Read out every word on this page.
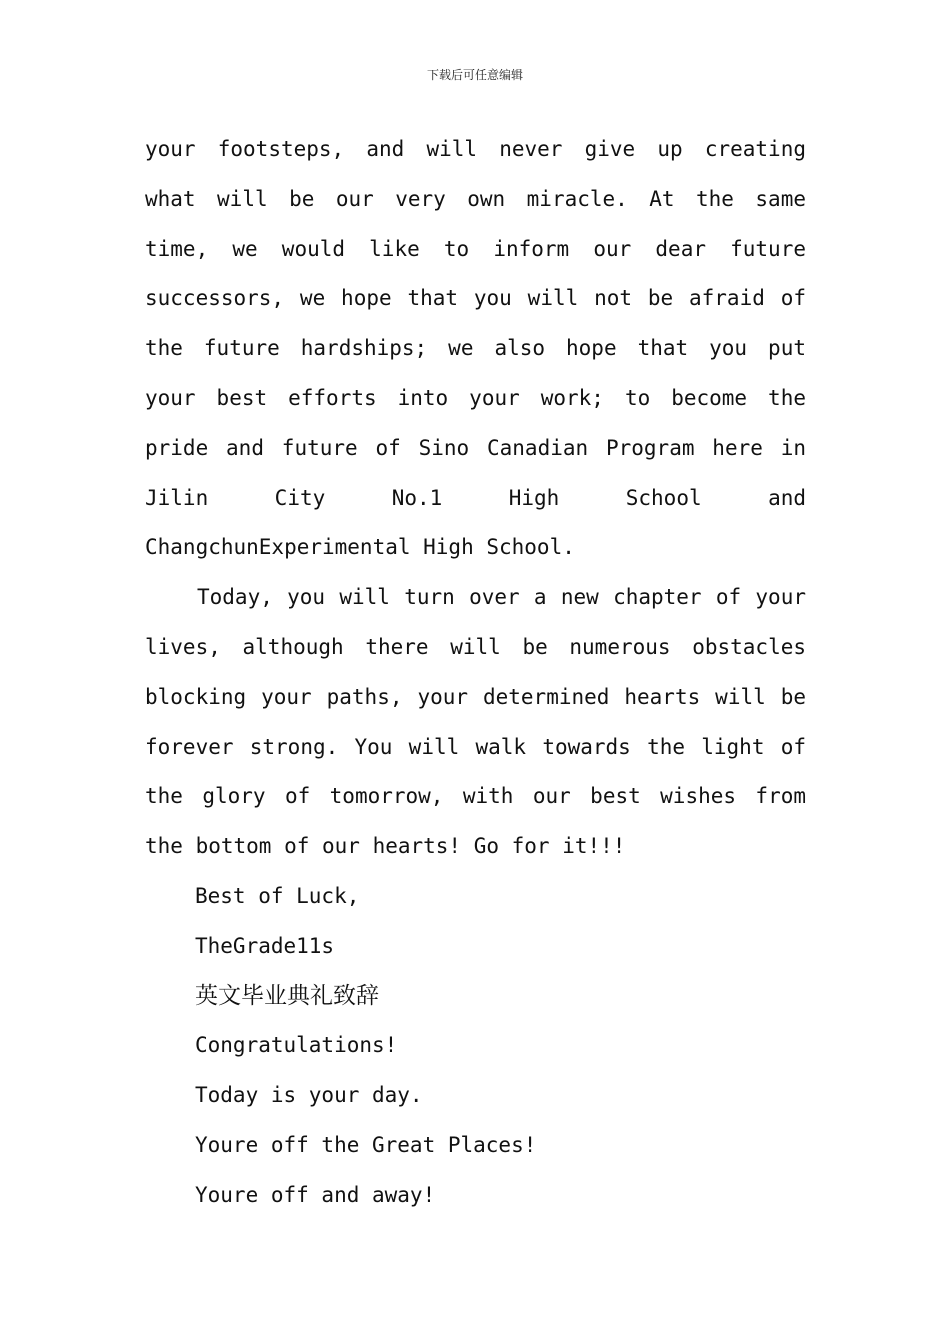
下载后可任意编辑
your footsteps, and will never give up creating
what will be our very own miracle. At the same
time, we would like to inform our dear future
successors, we hope that you will not be afraid of
the future hardships; we also hope that you put
your best efforts into your work; to become the
pride and future of Sino Canadian Program here in
Jilin City No.1 High School and
ChangchunExperimental High School.
Today, you will turn over a new chapter of your
lives, although there will be numerous obstacles
blocking your paths, your determined hearts will be
forever strong. You will walk towards the light of
the glory of tomorrow, with our best wishes from
the bottom of our hearts! Go for it!!!
Best of Luck,
TheGrade11s
英文毕业典礼致辞
Congratulations!
Today is your day.
Youre off the Great Places!
Youre off and away!
